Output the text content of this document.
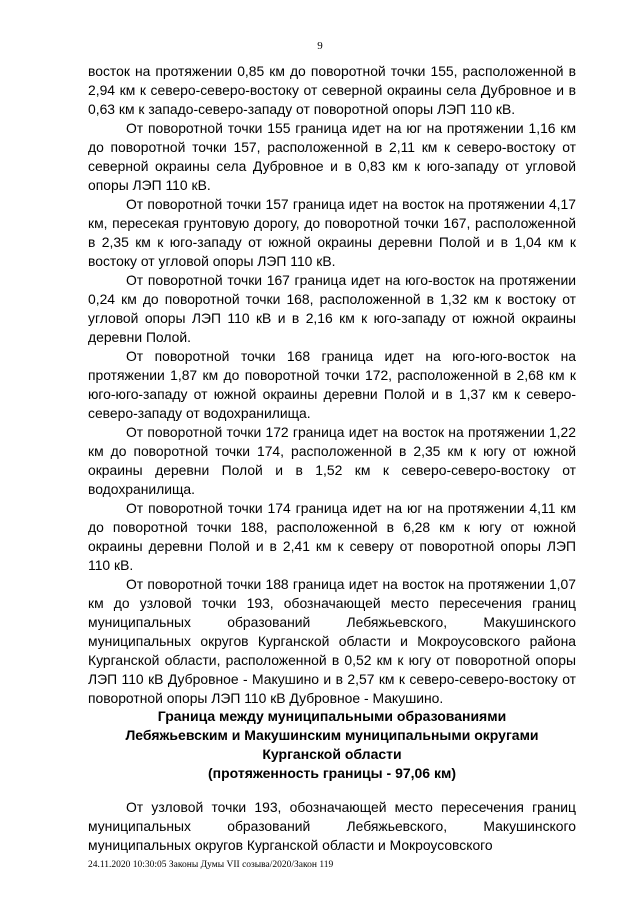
9

восток на протяжении 0,85 км до поворотной точки 155, расположенной в 2,94 км к северо-северо-востоку от северной окраины села Дубровное и в 0,63 км к западо-северо-западу от поворотной опоры ЛЭП 110 кВ.

От поворотной точки 155 граница идет на юг на протяжении 1,16 км до поворотной точки 157, расположенной в 2,11 км к северо-востоку от северной окраины села Дубровное и в 0,83 км к юго-западу от угловой опоры ЛЭП 110 кВ.

От поворотной точки 157 граница идет на восток на протяжении 4,17 км, пересекая грунтовую дорогу, до поворотной точки 167, расположенной в 2,35 км к юго-западу от южной окраины деревни Полой и в 1,04 км к востоку от угловой опоры ЛЭП 110 кВ.

От поворотной точки 167 граница идет на юго-восток на протяжении 0,24 км до поворотной точки 168, расположенной в 1,32 км к востоку от угловой опоры ЛЭП 110 кВ и в 2,16 км к юго-западу от южной окраины деревни Полой.

От поворотной точки 168 граница идет на юго-юго-восток на протяжении 1,87 км до поворотной точки 172, расположенной в 2,68 км к юго-юго-западу от южной окраины деревни Полой и в 1,37 км к северо-северо-западу от водохранилища.

От поворотной точки 172 граница идет на восток на протяжении 1,22 км до поворотной точки 174, расположенной в 2,35 км к югу от южной окраины деревни Полой и в 1,52 км к северо-северо-востоку от водохранилища.

От поворотной точки 174 граница идет на юг на протяжении 4,11 км до поворотной точки 188, расположенной в 6,28 км к югу от южной окраины деревни Полой и в 2,41 км к северу от поворотной опоры ЛЭП 110 кВ.

От поворотной точки 188 граница идет на восток на протяжении 1,07 км до узловой точки 193, обозначающей место пересечения границ муниципальных образований Лебяжьевского, Макушинского муниципальных округов Курганской области и Мокроусовского района Курганской области, расположенной в 0,52 км к югу от поворотной опоры ЛЭП 110 кВ Дубровное - Макушино и в 2,57 км к северо-северо-востоку от поворотной опоры ЛЭП 110 кВ Дубровное - Макушино.

Граница между муниципальными образованиями
Лебяжьевским и Макушинским муниципальными округами
Курганской области
(протяженность границы - 97,06 км)

От узловой точки 193, обозначающей место пересечения границ муниципальных образований Лебяжьевского, Макушинского муниципальных округов Курганской области и Мокроусовского

24.11.2020 10:30:05 Законы Думы VII созыва/2020/Закон 119
